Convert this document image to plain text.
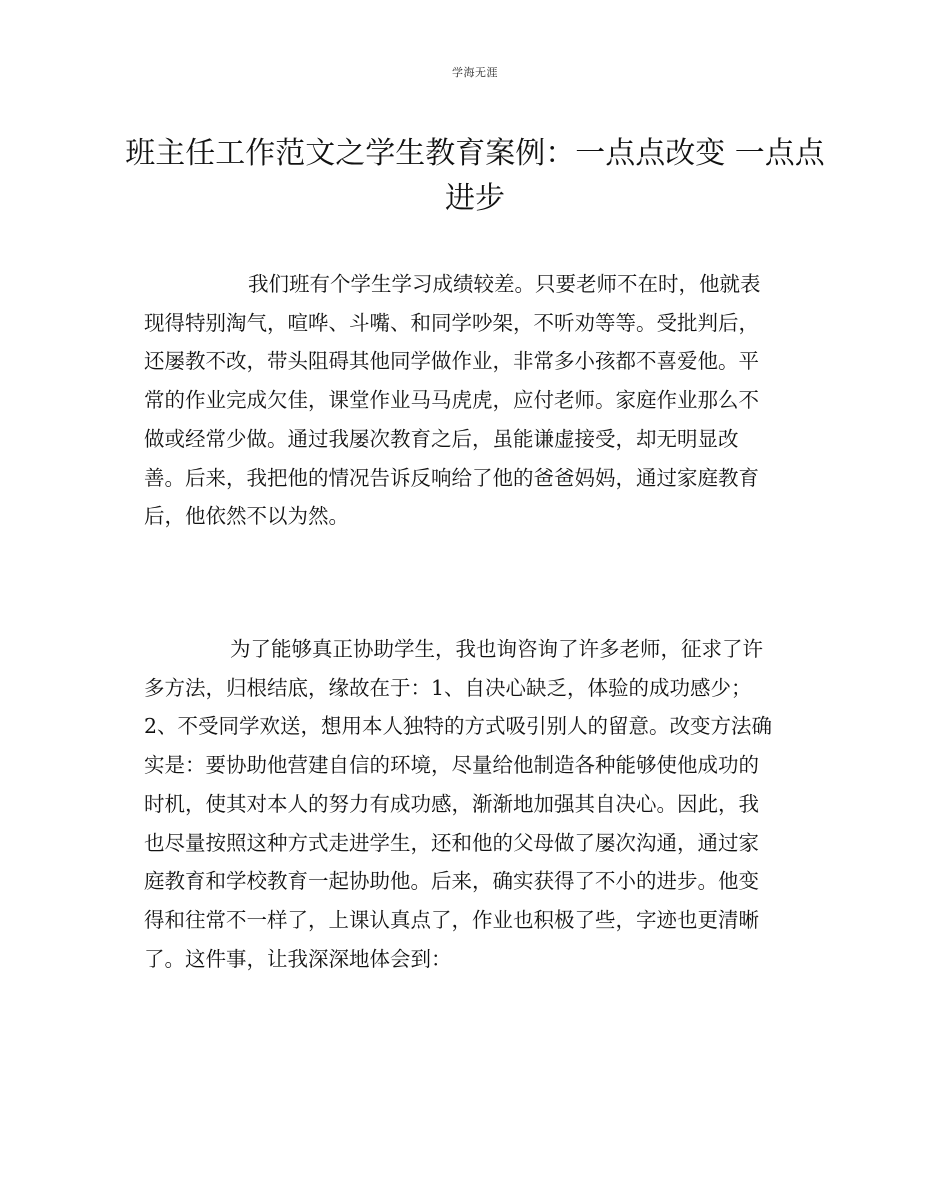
学海无涯
班主任工作范文之学生教育案例：一点点改变 一点点
进步

我们班有个学生学习成绩较差。只要老师不在时，他就表
现得特别淘气，喧哗、斗嘴、和同学吵架，不听劝等等。受批判后，
还屡教不改，带头阻碍其他同学做作业，非常多小孩都不喜爱他。平
常的作业完成欠佳，课堂作业马马虎虎，应付老师。家庭作业那么不
做或经常少做。通过我屡次教育之后，虽能谦虚接受，却无明显改
善。后来，我把他的情况告诉反响给了他的爸爸妈妈，通过家庭教育
后，他依然不以为然。

为了能够真正协助学生，我也询咨询了许多老师，征求了许
多方法，归根结底，缘故在于：1、自决心缺乏，体验的成功感少；
2、不受同学欢送，想用本人独特的方式吸引别人的留意。改变方法确
实是：要协助他营建自信的环境，尽量给他制造各种能够使他成功的
时机，使其对本人的努力有成功感，渐渐地加强其自决心。因此，我
也尽量按照这种方式走进学生，还和他的父母做了屡次沟通，通过家
庭教育和学校教育一起协助他。后来，确实获得了不小的进步。他变
得和往常不一样了，上课认真点了，作业也积极了些，字迹也更清晰
了。这件事，让我深深地体会到：
